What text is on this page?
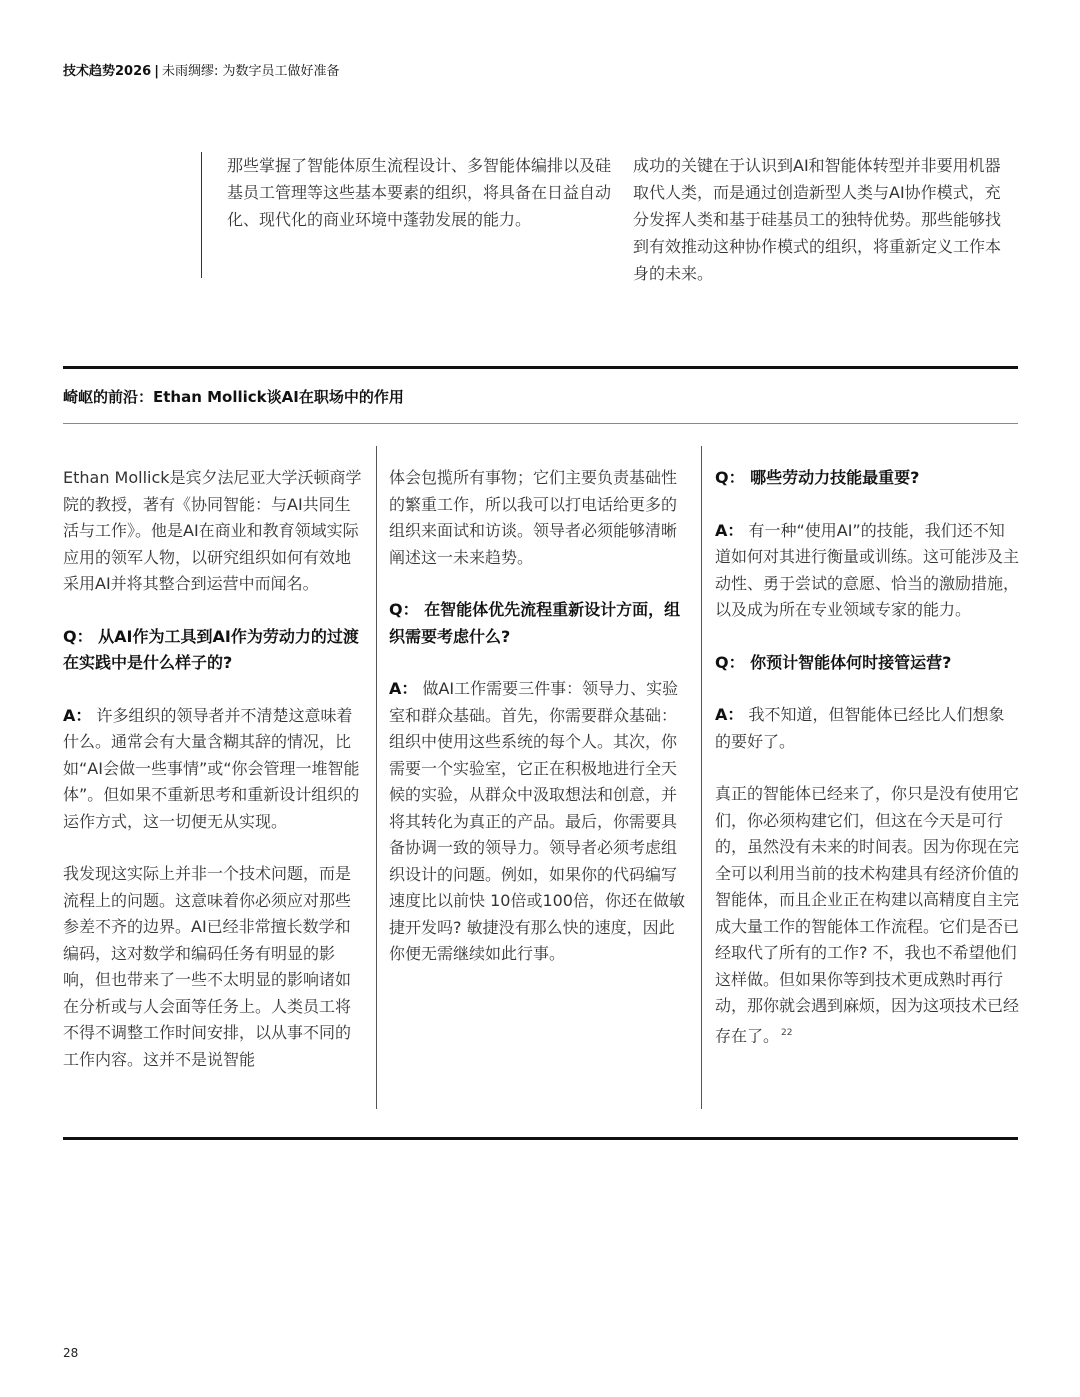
技术趋势2026 | 未雨绸缪: 为数字员工做好准备

那些掌握了智能体原生流程设计、多智能体编排以及硅基员工管理等这些基本要素的组织，将具备在日益自动化、现代化的商业环境中蓬勃发展的能力。

成功的关键在于认识到AI和智能体转型并非要用机器取代人类，而是通过创造新型人类与AI协作模式，充分发挥人类和基于硅基员工的独特优势。那些能够找到有效推动这种协作模式的组织，将重新定义工作本身的未来。

崎岖的前沿：Ethan Mollick谈AI在职场中的作用

Ethan Mollick是宾夕法尼亚大学沃顿商学院的教授，著有《协同智能：与AI共同生活与工作》。他是AI在商业和教育领域实际应用的领军人物，以研究组织如何有效地采用AI并将其整合到运营中而闻名。

Q： 从AI作为工具到AI作为劳动力的过渡在实践中是什么样子的?

A： 许多组织的领导者并不清楚这意味着什么。通常会有大量含糊其辞的情况，比如“AI会做一些事情”或“你会管理一堆智能体”。但如果不重新思考和重新设计组织的运作方式，这一切便无从实现。

我发现这实际上并非一个技术问题，而是流程上的问题。这意味着你必须应对那些参差不齐的边界。AI已经非常擅长数学和编码，这对数学和编码任务有明显的影响，但也带来了一些不太明显的影响诸如在分析或与人会面等任务上。人类员工将不得不调整工作时间安排，以从事不同的工作内容。这并不是说智能

体会包揽所有事物；它们主要负责基础性的繁重工作，所以我可以打电话给更多的组织来面试和访谈。领导者必须能够清晰阐述这一未来趋势。

Q： 在智能体优先流程重新设计方面，组织需要考虑什么?

A： 做AI工作需要三件事：领导力、实验室和群众基础。首先，你需要群众基础：组织中使用这些系统的每个人。其次，你需要一个实验室，它正在积极地进行全天候的实验，从群众中汲取想法和创意，并将其转化为真正的产品。最后，你需要具备协调一致的领导力。领导者必须考虑组织设计的问题。例如，如果你的代码编写速度比以前快 10倍或100倍，你还在做敏捷开发吗? 敏捷没有那么快的速度，因此你便无需继续如此行事。

Q： 哪些劳动力技能最重要?

A： 有一种“使用AI”的技能，我们还不知道如何对其进行衡量或训练。这可能涉及主动性、勇于尝试的意愿、恰当的激励措施，以及成为所在专业领域专家的能力。

Q： 你预计智能体何时接管运营?

A： 我不知道，但智能体已经比人们想象的要好了。

真正的智能体已经来了，你只是没有使用它们，你必须构建它们，但这在今天是可行的，虽然没有未来的时间表。因为你现在完全可以利用当前的技术构建具有经济价值的智能体，而且企业正在构建以高精度自主完成大量工作的智能体工作流程。它们是否已经取代了所有的工作? 不，我也不希望他们这样做。但如果你等到技术更成熟时再行动，那你就会遇到麻烦，因为这项技术已经存在了。 $^{22}$

28
